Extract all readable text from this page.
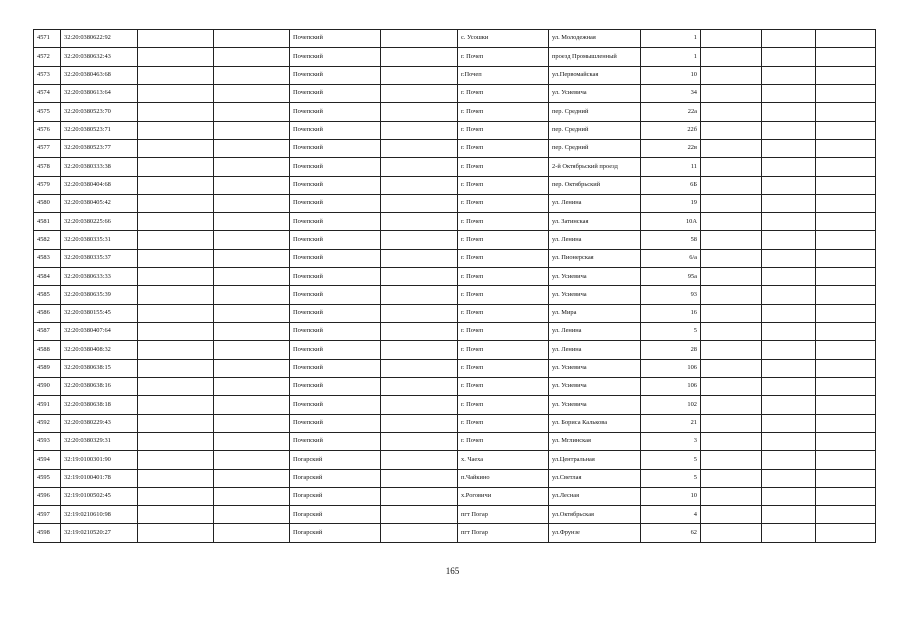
4571	32:20:0380622:92			Почепский		с. Усошки	ул. Молодежная	1			
4572	32:20:0380632:43			Почепский		г. Почеп	проезд Промышленный	1			
4573	32:20:0380463:68			Почепский		г.Почеп	ул.Первомайская	10			
4574	32:20:0380613:64			Почепский		г. Почеп	ул. Усиевича	34			
4575	32:20:0380523:70			Почепский		г. Почеп	пер. Средний	22а			
4576	32:20:0380523:71			Почепский		г. Почеп	пер. Средний	22б			
4577	32:20:0380523:77			Почепский		г. Почеп	пер. Средний	22в			
4578	32:20:0380333:38			Почепский		г. Почеп	2-й Октябрьский проезд	11			
4579	32:20:0380404:68			Почепский		г. Почеп	пер. Октябрьский	6Б			
4580	32:20:0380405:42			Почепский		г. Почеп	ул. Ленина	19			
4581	32:20:0380225:66			Почепский		г. Почеп	ул. Затинская	10А			
4582	32:20:0380335:31			Почепский		г. Почеп	ул. Ленина	58			
4583	32:20:0380335:37			Почепский		г. Почеп	ул. Пионерская	6/а			
4584	32:20:0380633:33			Почепский		г. Почеп	ул. Усиевича	95а			
4585	32:20:0380635:39			Почепский		г. Почеп	ул. Усиевича	93			
4586	32:20:0380155:45			Почепский		г. Почеп	ул. Мира	16			
4587	32:20:0380407:64			Почепский		г. Почеп	ул. Ленина	5			
4588	32:20:0380408:32			Почепский		г. Почеп	ул. Ленина	28			
4589	32:20:0380638:15			Почепский		г. Почеп	ул. Усиевича	106			
4590	32:20:0380638:16			Почепский		г. Почеп	ул. Усиевича	106			
4591	32:20:0380638:18			Почепский		г. Почеп	ул. Усиевича	102			
4592	32:20:0380229:43			Почепский		г. Почеп	ул. Бориса Калькова	21			
4593	32:20:0380329:31			Почепский		г. Почеп	ул. Мглинская	3			
4594	32:19:0100301:90			Погарский		х. Чаеха	ул.Центральная	5			
4595	32:19:0100401:78			Погарский		п.Чайкино	ул.Светлая	5			
4596	32:19:0100502:45			Погарский		х.Роговичи	ул.Лесная	10			
4597	32:19:0210610:98			Погарский		пгт Погар	ул.Октябрьская	4			
4598	32:19:0210520:27			Погарский		пгт Погар	ул.Фрунзе	62			
165
